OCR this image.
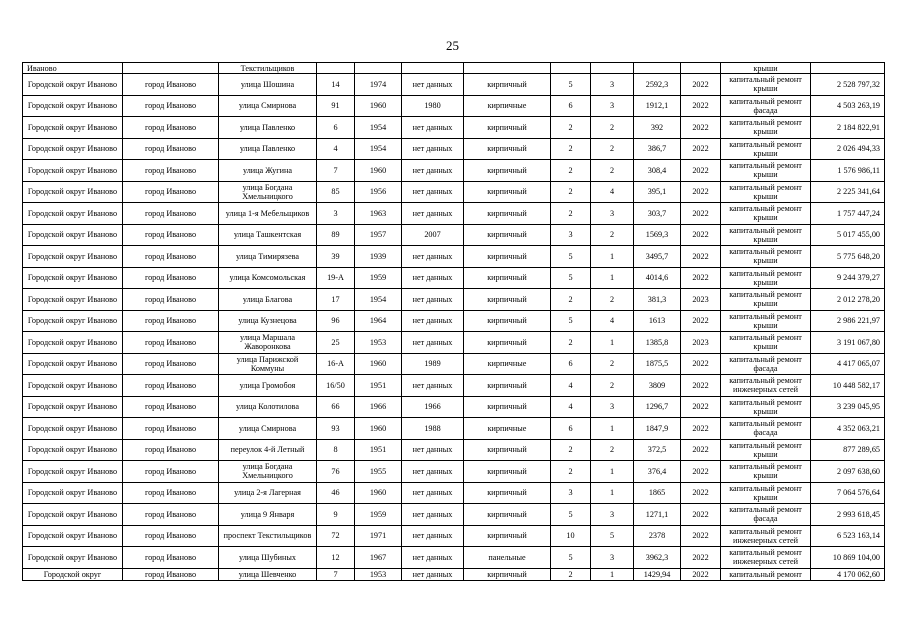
25
Иваново		Текстильщиков									крыши	
Городской округ Иваново	город Иваново	улица Шошина	14	1974	нет данных	кирпичный	5	3	2592,3	2022	капитальный ремонт крыши	2 528 797,32
Городской округ Иваново	город Иваново	улица Смирнова	91	1960	1980	кирпичные	6	3	1912,1	2022	капитальный ремонт фасада	4 503 263,19
Городской округ Иваново	город Иваново	улица Павленко	6	1954	нет данных	кирпичный	2	2	392	2022	капитальный ремонт крыши	2 184 822,91
Городской округ Иваново	город Иваново	улица Павленко	4	1954	нет данных	кирпичный	2	2	386,7	2022	капитальный ремонт крыши	2 026 494,33
Городской округ Иваново	город Иваново	улица Жугина	7	1960	нет данных	кирпичный	2	2	308,4	2022	капитальный ремонт крыши	1 576 986,11
Городской округ Иваново	город Иваново	улица Богдана Хмельницкого	85	1956	нет данных	кирпичный	2	4	395,1	2022	капитальный ремонт крыши	2 225 341,64
Городской округ Иваново	город Иваново	улица 1-я Мебельщиков	3	1963	нет данных	кирпичный	2	3	303,7	2022	капитальный ремонт крыши	1 757 447,24
Городской округ Иваново	город Иваново	улица Ташкентская	89	1957	2007	кирпичный	3	2	1569,3	2022	капитальный ремонт крыши	5 017 455,00
Городской округ Иваново	город Иваново	улица Тимирязева	39	1939	нет данных	кирпичный	5	1	3495,7	2022	капитальный ремонт крыши	5 775 648,20
Городской округ Иваново	город Иваново	улица Комсомольская	19-А	1959	нет данных	кирпичный	5	1	4014,6	2022	капитальный ремонт крыши	9 244 379,27
Городской округ Иваново	город Иваново	улица Благова	17	1954	нет данных	кирпичный	2	2	381,3	2023	капитальный ремонт крыши	2 012 278,20
Городской округ Иваново	город Иваново	улица Кузнецова	96	1964	нет данных	кирпичный	5	4	1613	2022	капитальный ремонт крыши	2 986 221,97
Городской округ Иваново	город Иваново	улица Маршала Жаворонкова	25	1953	нет данных	кирпичный	2	1	1385,8	2023	капитальный ремонт крыши	3 191 067,80
Городской округ Иваново	город Иваново	улица Парижской Коммуны	16-А	1960	1989	кирпичные	6	2	1875,5	2022	капитальный ремонт фасада	4 417 065,07
Городской округ Иваново	город Иваново	улица Громобоя	16/50	1951	нет данных	кирпичный	4	2	3809	2022	капитальный ремонт инженерных сетей	10 448 582,17
Городской округ Иваново	город Иваново	улица Колотилова	66	1966	1966	кирпичный	4	3	1296,7	2022	капитальный ремонт крыши	3 239 045,95
Городской округ Иваново	город Иваново	улица Смирнова	93	1960	1988	кирпичные	6	1	1847,9	2022	капитальный ремонт фасада	4 352 063,21
Городской округ Иваново	город Иваново	переулок 4-й Летный	8	1951	нет данных	кирпичный	2	2	372,5	2022	капитальный ремонт крыши	877 289,65
Городской округ Иваново	город Иваново	улица Богдана Хмельницкого	76	1955	нет данных	кирпичный	2	1	376,4	2022	капитальный ремонт крыши	2 097 638,60
Городской округ Иваново	город Иваново	улица 2-я Лагерная	46	1960	нет данных	кирпичный	3	1	1865	2022	капитальный ремонт крыши	7 064 576,64
Городской округ Иваново	город Иваново	улица 9 Января	9	1959	нет данных	кирпичный	5	3	1271,1	2022	капитальный ремонт фасада	2 993 618,45
Городской округ Иваново	город Иваново	проспект Текстильщиков	72	1971	нет данных	кирпичный	10	5	2378	2022	капитальный ремонт инженерных сетей	6 523 163,14
Городской округ Иваново	город Иваново	улица Шубиных	12	1967	нет данных	панельные	5	3	3962,3	2022	капитальный ремонт инженерных сетей	10 869 104,00
Городской округ	город Иваново	улица Шевченко	7	1953	нет данных	кирпичный	2	1	1429,94	2022	капитальный ремонт	4 170 062,60
